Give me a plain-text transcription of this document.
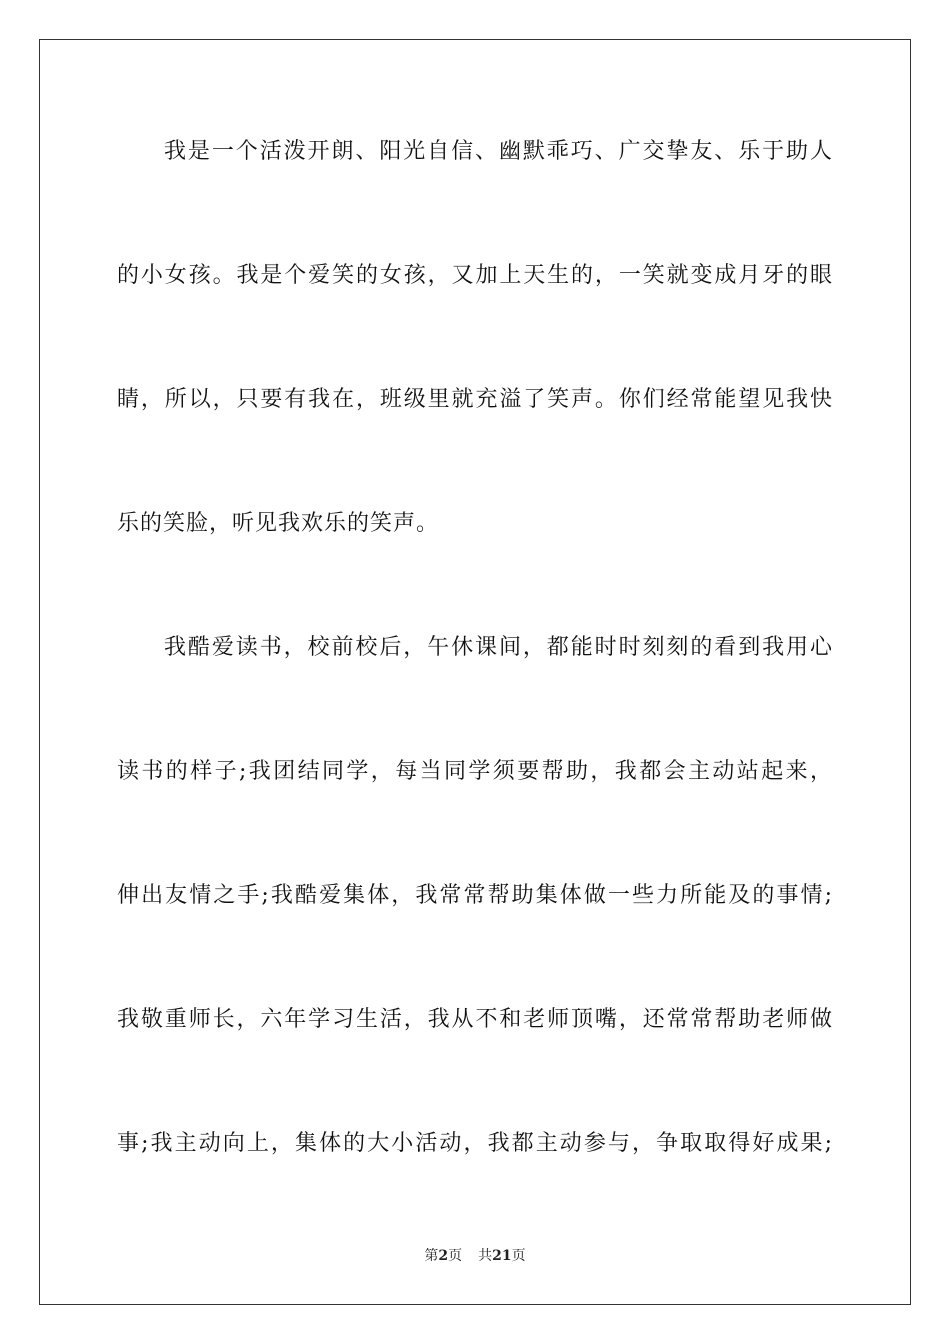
我是一个活泼开朗、阳光自信、幽默乖巧、广交挚友、乐于助人
的小女孩。我是个爱笑的女孩，又加上天生的，一笑就变成月牙的眼
睛，所以，只要有我在，班级里就充溢了笑声。你们经常能望见我快
乐的笑脸，听见我欢乐的笑声。
我酷爱读书，校前校后，午休课间，都能时时刻刻的看到我用心
读书的样子;我团结同学，每当同学须要帮助，我都会主动站起来，
伸出友情之手;我酷爱集体，我常常帮助集体做一些力所能及的事情;
我敬重师长，六年学习生活，我从不和老师顶嘴，还常常帮助老师做
事;我主动向上，集体的大小活动，我都主动参与，争取取得好成果;
第2页 共21页
